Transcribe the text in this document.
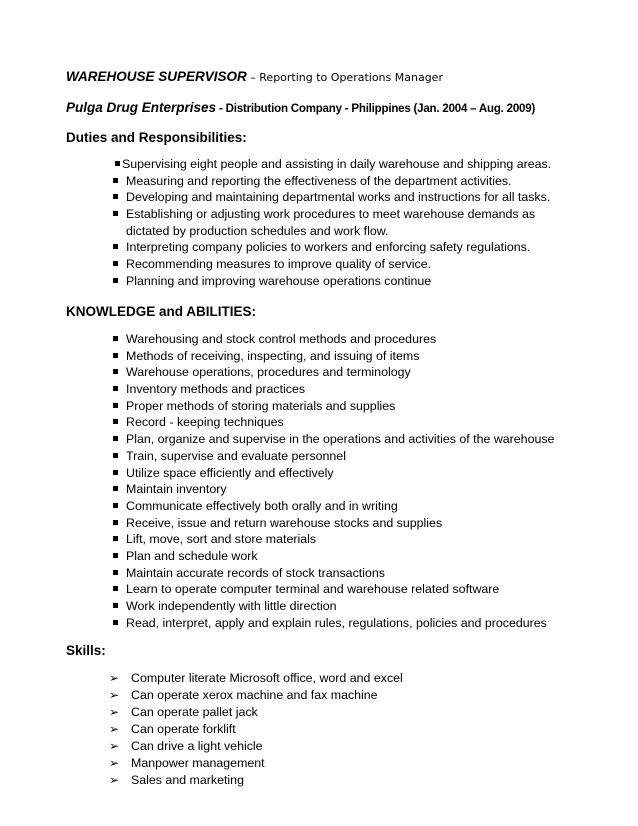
WAREHOUSE SUPERVISOR – Reporting to Operations Manager
Pulga Drug Enterprises - Distribution Company - Philippines (Jan. 2004 – Aug. 2009)
Duties and Responsibilities:
Supervising eight people and assisting in daily warehouse and shipping areas.
Measuring and reporting the effectiveness of the department activities.
Developing and maintaining departmental works and instructions for all tasks.
Establishing or adjusting work procedures to meet warehouse demands as
dictated by production schedules and work flow.
Interpreting company policies to workers and enforcing safety regulations.
Recommending measures to improve quality of service.
Planning and improving warehouse operations continue
KNOWLEDGE and ABILITIES:
Warehousing and stock control methods and procedures
Methods of receiving, inspecting, and issuing of items
Warehouse operations, procedures and terminology
Inventory methods and practices
Proper methods of storing materials and supplies
Record - keeping techniques
Plan, organize and supervise in the operations and activities of the warehouse
Train, supervise and evaluate personnel
Utilize space efficiently and effectively
Maintain inventory
Communicate effectively both orally and in writing
Receive, issue and return warehouse stocks and supplies
Lift, move, sort and store materials
Plan and schedule work
Maintain accurate records of stock transactions
Learn to operate computer terminal and warehouse related software
Work independently with little direction
Read, interpret, apply and explain rules, regulations, policies and procedures
Skills:
➢ Computer literate Microsoft office, word and excel
➢ Can operate xerox machine and fax machine
➢ Can operate pallet jack
➢ Can operate forklift
➢ Can drive a light vehicle
➢ Manpower management
➢ Sales and marketing
